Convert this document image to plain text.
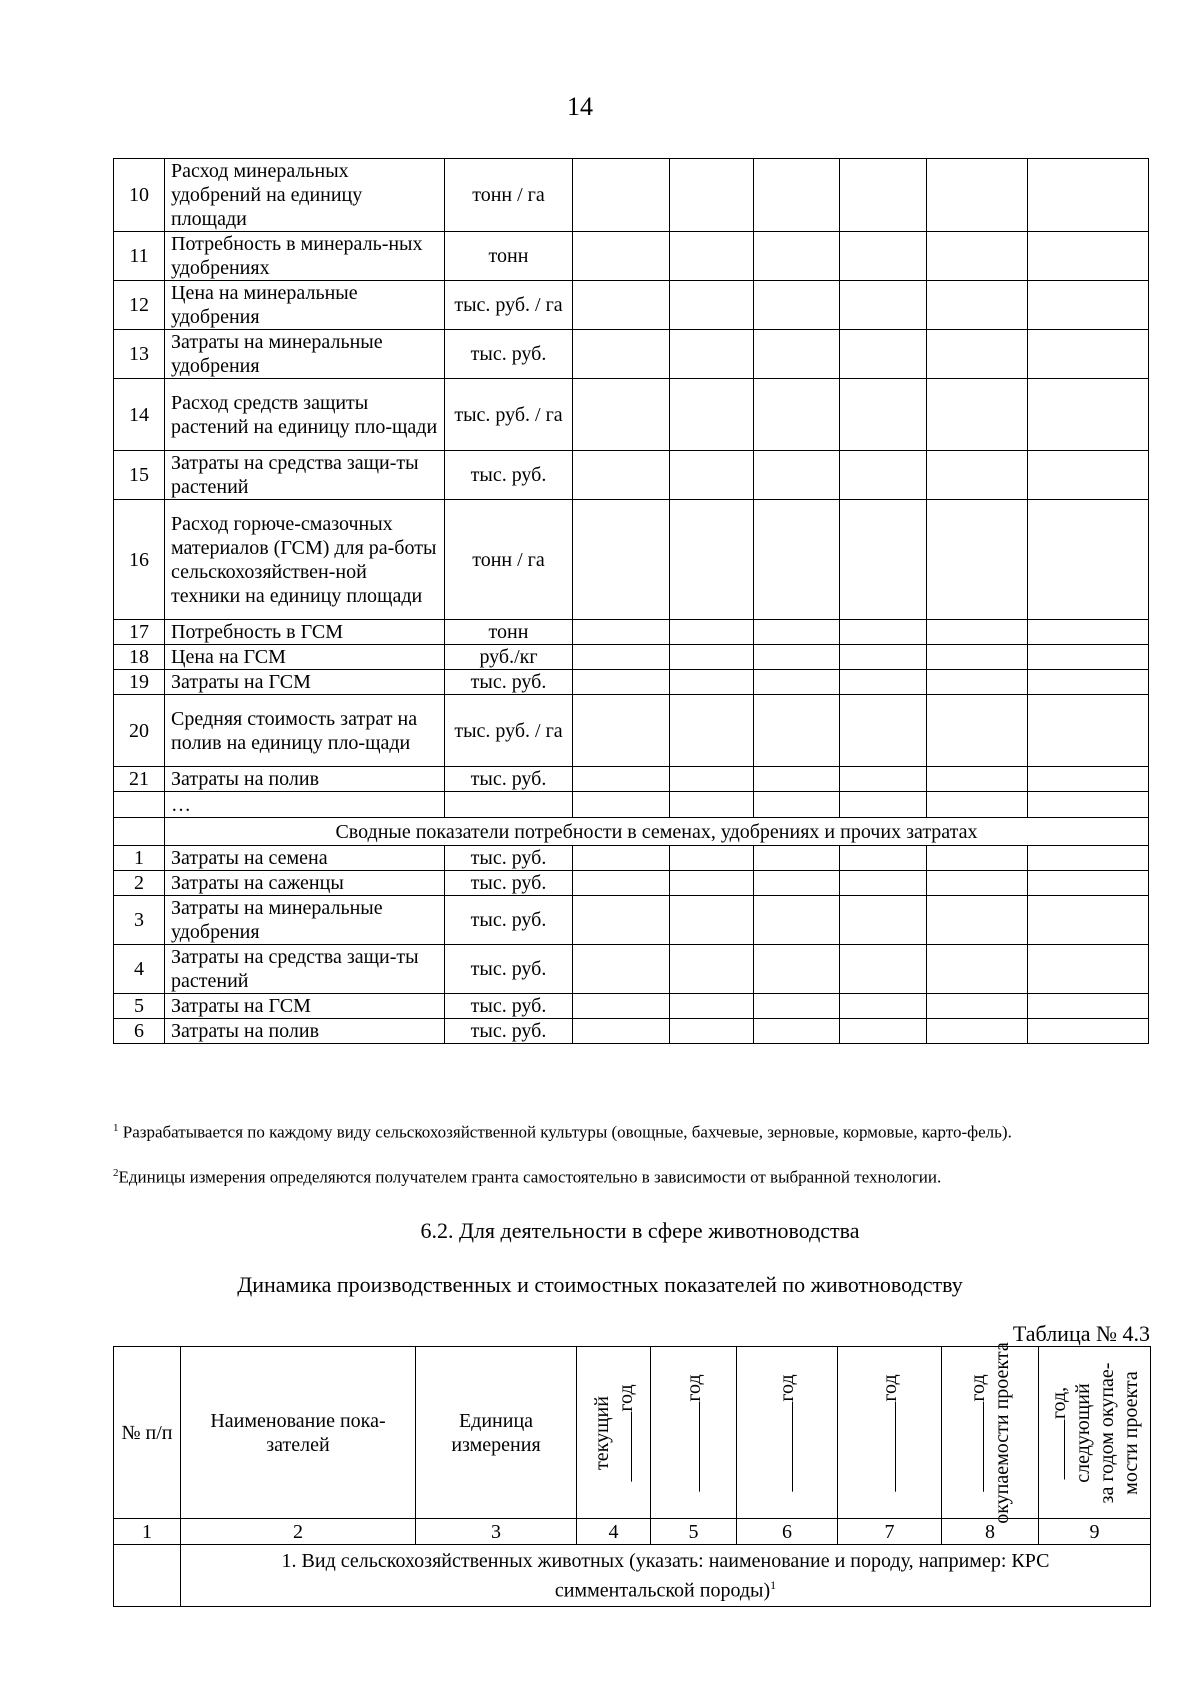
14
10	Расход минеральных удобрений на единицу площади	тонн / га						
11	Потребность в минераль-ных удобрениях	тонн						
12	Цена на минеральные удобрения	тыс. руб. / га						
13	Затраты на минеральные удобрения	тыс. руб.						
14	Расход средств защиты растений на единицу пло-щади	тыс. руб. / га						
15	Затраты на средства защи-ты растений	тыс. руб.						
16	Расход горюче-смазочных материалов (ГСМ) для ра-боты сельскохозяйствен-ной техники на единицу площади	тонн / га						
17	Потребность в ГСМ	тонн						
18	Цена на ГСМ	руб./кг						
19	Затраты на ГСМ	тыс. руб.						
20	Средняя стоимость затрат на полив на единицу пло-щади	тыс. руб. / га						
21	Затраты на полив	тыс. руб.						
	…							
	Сводные показатели потребности в семенах, удобрениях и прочих затратах							
1	Затраты на семена	тыс. руб.						
2	Затраты на саженцы	тыс. руб.						
3	Затраты на минеральные удобрения	тыс. руб.						
4	Затраты на средства защи-ты растений	тыс. руб.						
5	Затраты на ГСМ	тыс. руб.						
6	Затраты на полив	тыс. руб.						
$^1$ Разрабатывается по каждому виду сельскохозяйственной культуры (овощные, бахчевые, зерновые, кормовые, карто-фель).
$^2$Единицы измерения определяются получателем гранта самостоятельно в зависимости от выбранной технологии.
6.2. Для деятельности в сфере животноводства
Динамика производственных и стоимостных показателей по животноводству
Таблица № 4.3
№ п/п	Наименование пока-зателей	Единица измерения	текущий год	год	год	год	год окупаемости проекта	год, следующий за годом окупае- мости проекта

1	2	3	4	5	6	7	8	9
	1. Вид сельскохозяйственных животных (указать: наименование и породу, например: КРС
симментальской породы)$^1$
